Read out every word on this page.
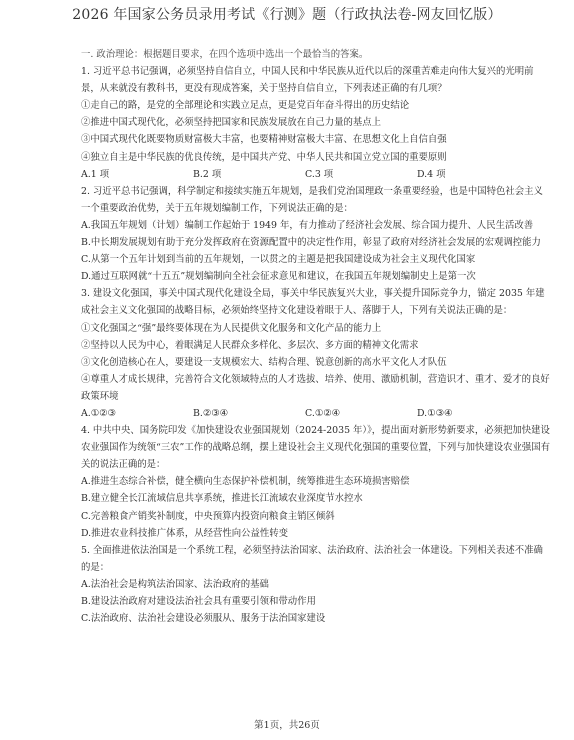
2026 年国家公务员录用考试《行测》题（行政执法卷-网友回忆版）
一. 政治理论：根据题目要求，在四个选项中选出一个最恰当的答案。
1. 习近平总书记强调，必须坚持自信自立，中国人民和中华民族从近代以后的深重苦难走向伟大复兴的光明前景，从来就没有教科书，更没有现成答案，关于坚持自信自立，下列表述正确的有几项？
①走自己的路，是党的全部理论和实践立足点，更是党百年奋斗得出的历史结论
②推进中国式现代化，必须坚持把国家和民族发展放在自己力量的基点上
③中国式现代化既要物质财富极大丰富，也要精神财富极大丰富、在思想文化上自信自强
④独立自主是中华民族的优良传统，是中国共产党、中华人民共和国立党立国的重要原则
A.1 项	B.2 项	C.3 项	D.4 项
2. 习近平总书记强调，科学制定和接续实施五年规划，是我们党治国理政一条重要经验，也是中国特色社会主义一个重要政治优势，关于五年规划编制工作，下列说法正确的是：
A.我国五年规划（计划）编制工作起始于 1949 年，有力推动了经济社会发展、综合国力提升、人民生活改善
B.中长期发展规划有助于充分发挥政府在资源配置中的决定性作用，彰显了政府对经济社会发展的宏观调控能力
C.从第一个五年计划到当前的五年规划，一以贯之的主题是把我国建设成为社会主义现代化国家
D.通过互联网就“十五五”规划编制向全社会征求意见和建议，在我国五年规划编制史上是第一次
3. 建设文化强国，事关中国式现代化建设全局，事关中华民族复兴大业，事关提升国际竞争力，锚定 2035 年建成社会主义文化强国的战略目标，必须始终坚持文化建设着眼于人、落脚于人，下列有关说法正确的是：
①文化强国之“强”最终要体现在为人民提供文化服务和文化产品的能力上
②坚持以人民为中心，着眼满足人民群众多样化、多层次、多方面的精神文化需求
③文化创造核心在人，要建设一支规模宏大、结构合理、锐意创新的高水平文化人才队伍
④尊重人才成长规律，完善符合文化领域特点的人才选拔、培养、使用、激励机制，营造识才、重才、爱才的良好政策环境
A.①②③	B.②③④	C.①②④	D.①③④
4. 中共中央、国务院印发《加快建设农业强国规划（2024-2035 年）》，提出面对新形势新要求，必须把加快建设农业强国作为统领“三农”工作的战略总纲，摆上建设社会主义现代化强国的重要位置，下列与加快建设农业强国有关的说法正确的是：
A.推进生态综合补偿，健全横向生态保护补偿机制，统筹推进生态环境损害赔偿
B.建立健全长江流域信息共享系统，推进长江流域农业深度节水控水
C.完善粮食产销奖补制度，中央预算内投资向粮食主销区倾斜
D.推进农业科技推广体系，从经营性向公益性转变
5. 全面推进依法治国是一个系统工程，必须坚持法治国家、法治政府、法治社会一体建设。下列相关表述不准确的是：
A.法治社会是构筑法治国家、法治政府的基础
B.建设法治政府对建设法治社会具有重要引领和带动作用
C.法治政府、法治社会建设必须服从、服务于法治国家建设
第1页，共26页
